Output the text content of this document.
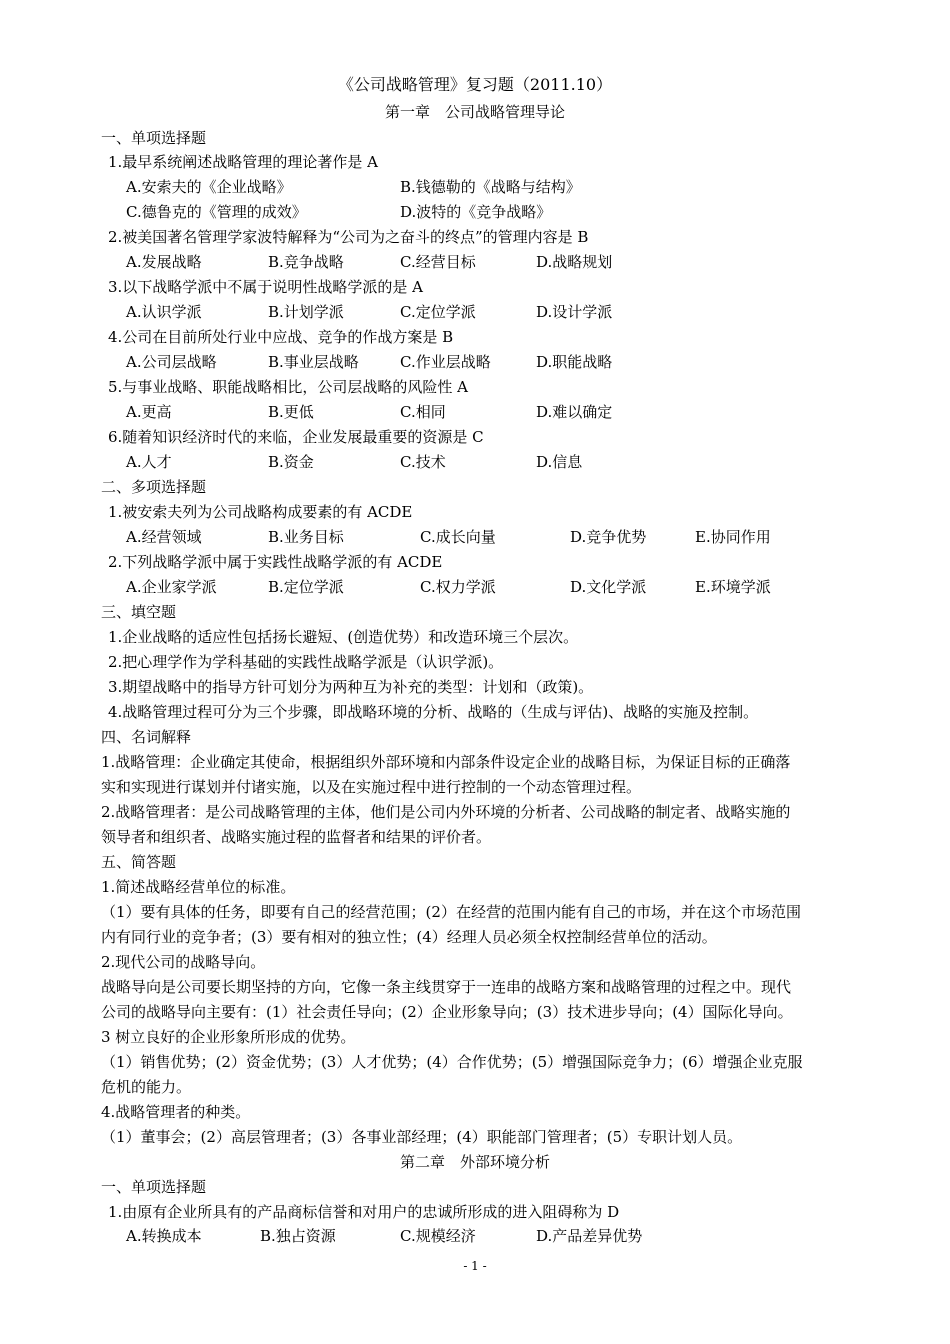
《公司战略管理》复习题（2011.10）
第一章　公司战略管理导论
一、单项选择题
1.最早系统阐述战略管理的理论著作是 A
A.安索夫的《企业战略》	B.钱德勒的《战略与结构》
C.德鲁克的《管理的成效》	D.波特的《竞争战略》
2.被美国著名管理学家波特解释为“公司为之奋斗的终点”的管理内容是 B
A.发展战略	B.竞争战略	C.经营目标	D.战略规划
3.以下战略学派中不属于说明性战略学派的是 A
A.认识学派	B.计划学派	C.定位学派	D.设计学派
4.公司在目前所处行业中应战、竞争的作战方案是 B
A.公司层战略	B.事业层战略	C.作业层战略	D.职能战略
5.与事业战略、职能战略相比，公司层战略的风险性 A
A.更高	B.更低	C.相同	D.难以确定
6.随着知识经济时代的来临，企业发展最重要的资源是 C
A.人才	B.资金	C.技术	D.信息
二、多项选择题
1.被安索夫列为公司战略构成要素的有 ACDE
A.经营领域	B.业务目标	C.成长向量	D.竞争优势	E.协同作用
2.下列战略学派中属于实践性战略学派的有 ACDE
A.企业家学派	B.定位学派	C.权力学派	D.文化学派	E.环境学派
三、填空题
1.企业战略的适应性包括扬长避短、(创造优势）和改造环境三个层次。
2.把心理学作为学科基础的实践性战略学派是（认识学派)。
3.期望战略中的指导方针可划分为两种互为补充的类型：计划和（政策)。
4.战略管理过程可分为三个步骤，即战略环境的分析、战略的（生成与评估)、战略的实施及控制。
四、名词解释
1.战略管理：企业确定其使命，根据组织外部环境和内部条件设定企业的战略目标，为保证目标的正确落
实和实现进行谋划并付诸实施，以及在实施过程中进行控制的一个动态管理过程。
2.战略管理者：是公司战略管理的主体，他们是公司内外环境的分析者、公司战略的制定者、战略实施的
领导者和组织者、战略实施过程的监督者和结果的评价者。
五、简答题
1.简述战略经营单位的标准。
（1）要有具体的任务，即要有自己的经营范围；(2）在经营的范围内能有自己的市场，并在这个市场范围
内有同行业的竞争者；(3）要有相对的独立性；(4）经理人员必须全权控制经营单位的活动。
2.现代公司的战略导向。
战略导向是公司要长期坚持的方向，它像一条主线贯穿于一连串的战略方案和战略管理的过程之中。现代
公司的战略导向主要有：(1）社会责任导向；(2）企业形象导向；(3）技术进步导向；(4）国际化导向。
3 树立良好的企业形象所形成的优势。
（1）销售优势；(2）资金优势；(3）人才优势；(4）合作优势；(5）增强国际竞争力；(6）增强企业克服
危机的能力。
4.战略管理者的种类。
（1）董事会；(2）高层管理者；(3）各事业部经理；(4）职能部门管理者；(5）专职计划人员。
第二章　外部环境分析
一、单项选择题
1.由原有企业所具有的产品商标信誉和对用户的忠诚所形成的进入阻碍称为 D
A.转换成本	B.独占资源	C.规模经济	D.产品差异优势
- 1 -
